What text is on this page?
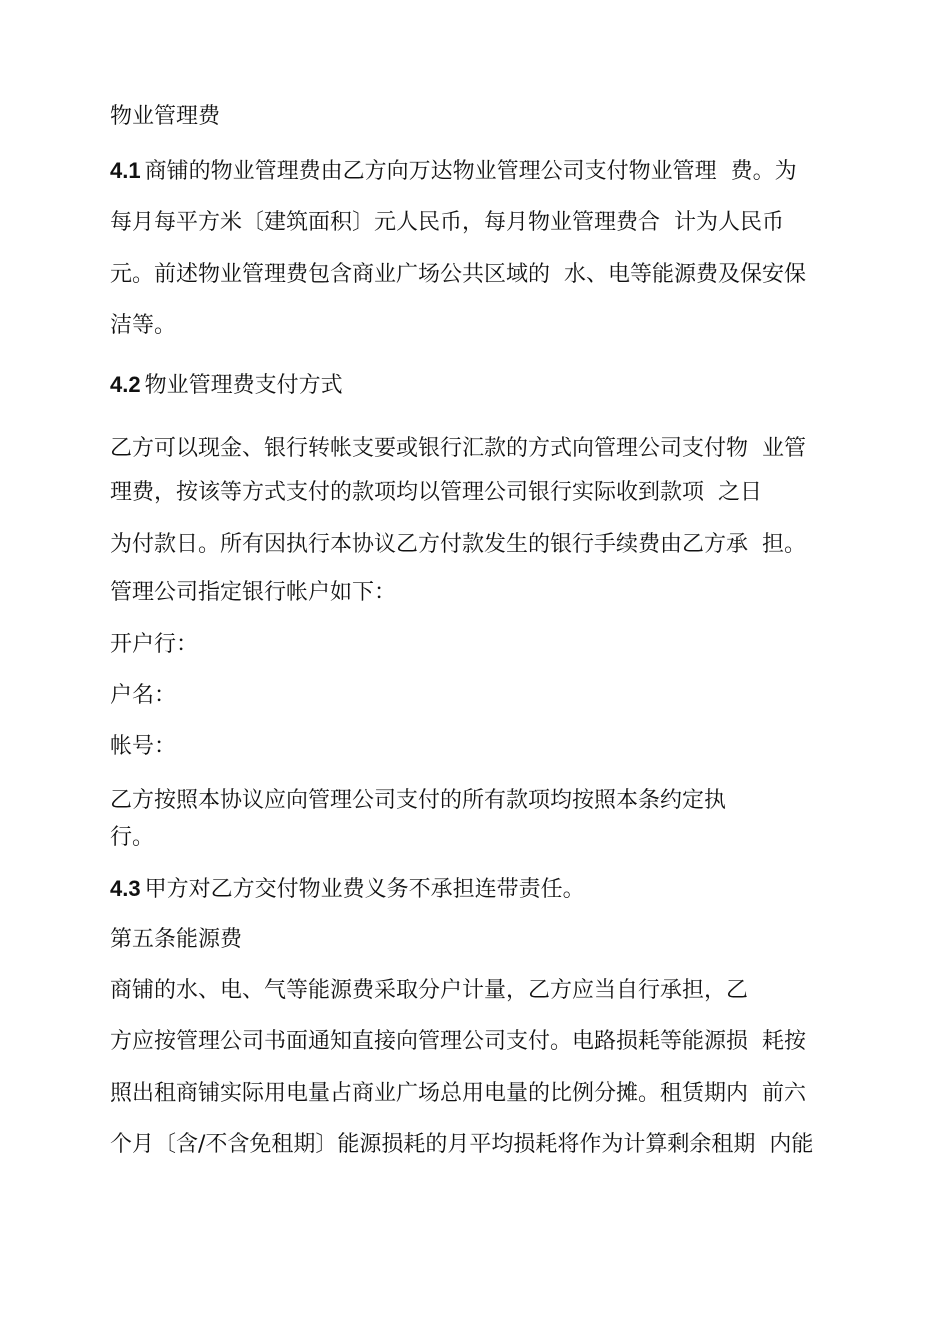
物业管理费
4.1 商铺的物业管理费由乙方向万达物业管理公司支付物业管理  费。为
每月每平方米〔建筑面积〕元人民币，每月物业管理费合  计为人民币
元。前述物业管理费包含商业广场公共区域的  水、电等能源费及保安保
洁等。
4.2 物业管理费支付方式
乙方可以现金、银行转帐支要或银行汇款的方式向管理公司支付物  业管
理费，按该等方式支付的款项均以管理公司银行实际收到款项  之日
为付款日。所有因执行本协议乙方付款发生的银行手续费由乙方承  担。
管理公司指定银行帐户如下：
开户行：
户名：
帐号：
乙方按照本协议应向管理公司支付的所有款项均按照本条约定执
行。
4.3 甲方对乙方交付物业费义务不承担连带责任。
第五条能源费
商铺的水、电、气等能源费采取分户计量，乙方应当自行承担，乙
方应按管理公司书面通知直接向管理公司支付。电路损耗等能源损  耗按
照出租商铺实际用电量占商业广场总用电量的比例分摊。租赁期内  前六
个月〔含/不含免租期〕能源损耗的月平均损耗将作为计算剩余租期  内能
